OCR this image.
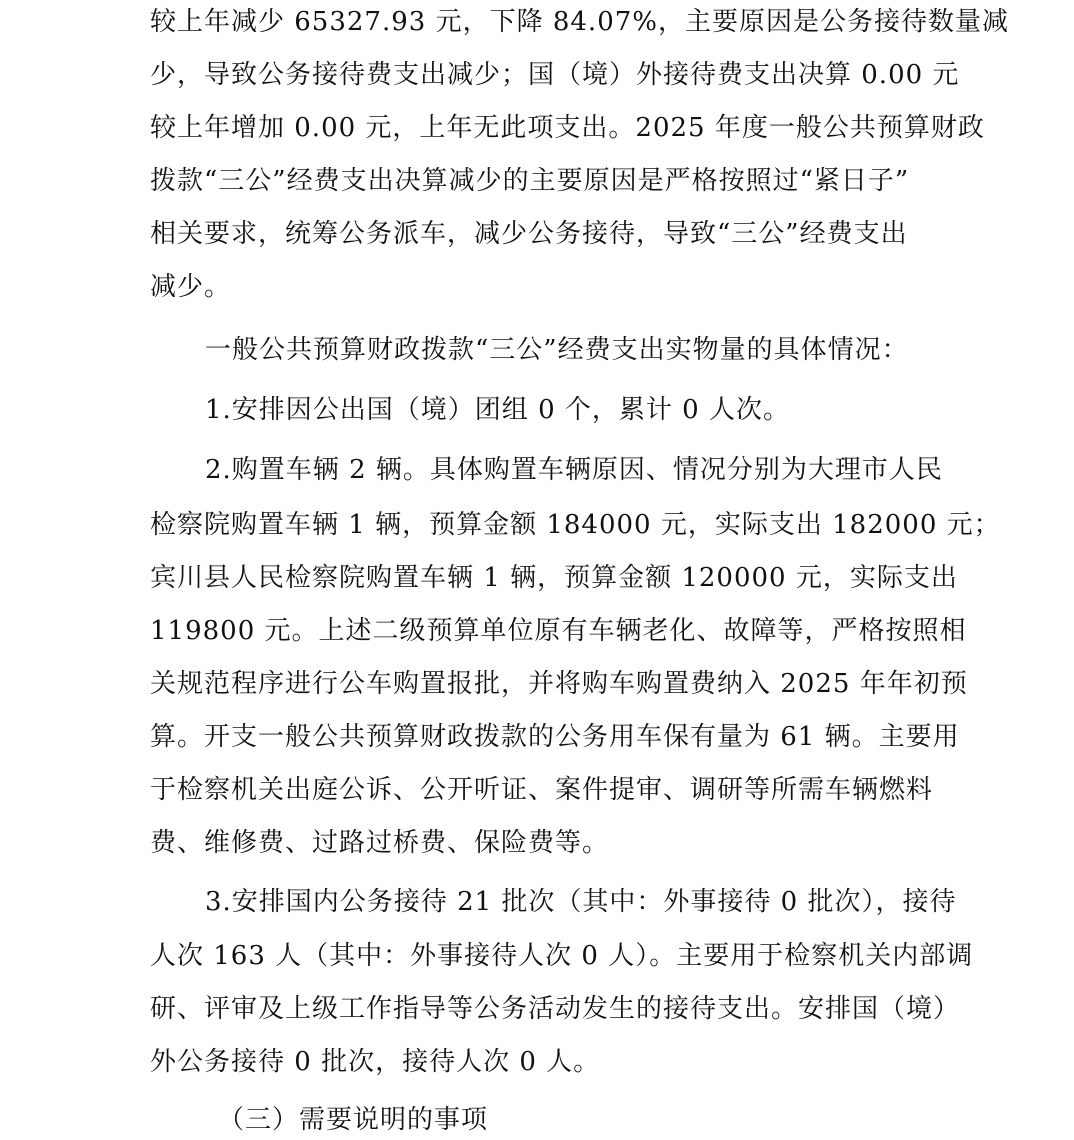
较上年减少 65327.93 元，下降 84.07%，主要原因是公务接待数量减
少，导致公务接待费支出减少；国（境）外接待费支出决算 0.00 元
较上年增加 0.00 元，上年无此项支出。2025 年度一般公共预算财政
拨款“三公”经费支出决算减少的主要原因是严格按照过“紧日子”
相关要求，统筹公务派车，减少公务接待，导致“三公”经费支出
减少。
一般公共预算财政拨款“三公”经费支出实物量的具体情况：
1.安排因公出国（境）团组 0 个，累计 0 人次。
2.购置车辆 2 辆。具体购置车辆原因、情况分别为大理市人民
检察院购置车辆 1 辆，预算金额 184000 元，实际支出 182000 元；
宾川县人民检察院购置车辆 1 辆，预算金额 120000 元，实际支出
119800 元。上述二级预算单位原有车辆老化、故障等，严格按照相
关规范程序进行公车购置报批，并将购车购置费纳入 2025 年年初预
算。开支一般公共预算财政拨款的公务用车保有量为 61 辆。主要用
于检察机关出庭公诉、公开听证、案件提审、调研等所需车辆燃料
费、维修费、过路过桥费、保险费等。
3.安排国内公务接待 21 批次（其中：外事接待 0 批次），接待
人次 163 人（其中：外事接待人次 0 人）。主要用于检察机关内部调
研、评审及上级工作指导等公务活动发生的接待支出。安排国（境）
外公务接待 0 批次，接待人次 0 人。
（三）需要说明的事项
